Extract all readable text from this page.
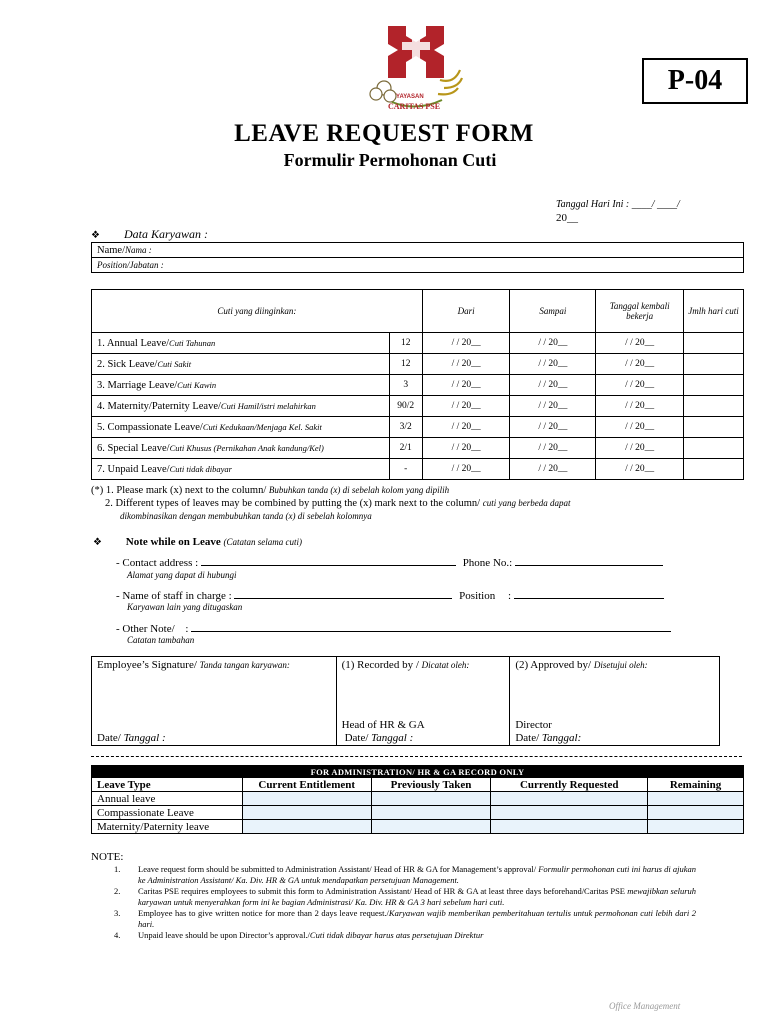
YAYASAN
CARITAS PSE
P-04
LEAVE REQUEST FORM
Formulir Permohonan Cuti
Tanggal Hari Ini : ____/ ____/
20__
❖ Data Karyawan :
Name/Nama :
Position/Jabatan :
Cuti yang diinginkan:		Dari	Sampai	Tanggal kembali bekerja	Jmlh hari cuti
1. Annual Leave/Cuti Tahunan	12	/ / 20__	/ / 20__	/ / 20__	
2. Sick Leave/Cuti Sakit	12	/ / 20__	/ / 20__	/ / 20__	
3. Marriage Leave/Cuti Kawin	3	/ / 20__	/ / 20__	/ / 20__	
4. Maternity/Paternity Leave/Cuti Hamil/istri melahirkan	90/2	/ / 20__	/ / 20__	/ / 20__	
5. Compassionate Leave/Cuti Kedukaan/Menjaga Kel. Sakit	3/2	/ / 20__	/ / 20__	/ / 20__	
6. Special Leave/Cuti Khusus (Pernikahan Anak kandung/Kel)	2/1	/ / 20__	/ / 20__	/ / 20__	
7. Unpaid Leave/Cuti tidak dibayar	-	/ / 20__	/ / 20__	/ / 20__	
(*) 1. Please mark (x) next to the column/ Bubuhkan tanda (x) di sebelah kolom yang dipilih
2. Different types of leaves may be combined by putting the (x) mark next to the column/ cuti yang berbeda dapat
dikombinasikan dengan membubuhkan tanda (x) di sebelah kolomnya
❖ Note while on Leave (Catatan selama cuti)
- Contact address :	Phone No.:
Alamat yang dapat di hubungi
- Name of staff in charge :	Position :
Karyawan lain yang ditugaskan
- Other Note/ :
Catatan tambahan
Employee’s Signature/ Tanda tangan karyawan:
Date/ Tanggal :
	(1) Recorded by / Dicatat oleh:
Head of HR & GA
Date/ Tanggal :
	(2) Approved by/ Disetujui oleh:
Director
Date/ Tanggal:
FOR ADMINISTRATION/ HR & GA RECORD ONLY				
Leave Type	Current Entitlement	Previously Taken	Currently Requested	Remaining
Annual leave				
Compassionate Leave				
Maternity/Paternity leave				
NOTE:
1. Leave request form should be submitted to Administration Assistant/ Head of HR & GA for Management’s approval/ Formulir permohonan cuti ini harus di ajukan ke Administration Assistant/ Ka. Div. HR & GA untuk mendapatkan persetujuan Management.
2. Caritas PSE requires employees to submit this form to Administration Assistant/ Head of HR & GA at least three days beforehand/Caritas PSE mewajibkan seluruh karyawan untuk menyerahkan form ini ke bagian Administrasi/ Ka. Div. HR & GA 3 hari sebelum hari cuti.
3. Employee has to give written notice for more than 2 days leave request./Karyawan wajib memberikan pemberitahuan tertulis untuk permohonan cuti lebih dari 2 hari.
4. Unpaid leave should be upon Director’s approval./Cuti tidak dibayar harus atas persetujuan Direktur
Office Management
